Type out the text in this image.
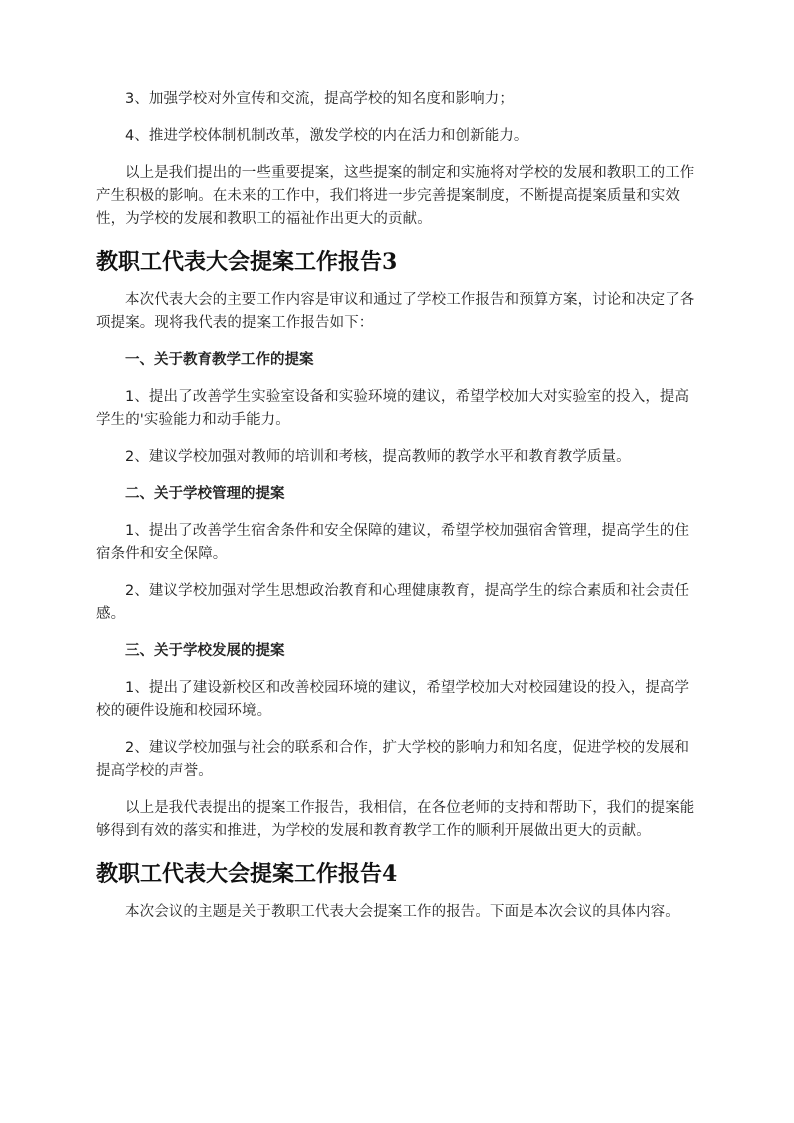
3、加强学校对外宣传和交流，提高学校的知名度和影响力；

4、推进学校体制机制改革，激发学校的内在活力和创新能力。

以上是我们提出的一些重要提案，这些提案的制定和实施将对学校的发展和教职工的工作产生积极的影响。在未来的工作中，我们将进一步完善提案制度，不断提高提案质量和实效性，为学校的发展和教职工的福祉作出更大的贡献。

教职工代表大会提案工作报告3

本次代表大会的主要工作内容是审议和通过了学校工作报告和预算方案，讨论和决定了各项提案。现将我代表的提案工作报告如下：

一、关于教育教学工作的提案

1、提出了改善学生实验室设备和实验环境的建议，希望学校加大对实验室的投入，提高学生的'实验能力和动手能力。

2、建议学校加强对教师的培训和考核，提高教师的教学水平和教育教学质量。

二、关于学校管理的提案

1、提出了改善学生宿舍条件和安全保障的建议，希望学校加强宿舍管理，提高学生的住宿条件和安全保障。

2、建议学校加强对学生思想政治教育和心理健康教育，提高学生的综合素质和社会责任感。

三、关于学校发展的提案

1、提出了建设新校区和改善校园环境的建议，希望学校加大对校园建设的投入，提高学校的硬件设施和校园环境。

2、建议学校加强与社会的联系和合作，扩大学校的影响力和知名度，促进学校的发展和提高学校的声誉。

以上是我代表提出的提案工作报告，我相信，在各位老师的支持和帮助下，我们的提案能够得到有效的落实和推进，为学校的发展和教育教学工作的顺利开展做出更大的贡献。

教职工代表大会提案工作报告4

本次会议的主题是关于教职工代表大会提案工作的报告。下面是本次会议的具体内容。
